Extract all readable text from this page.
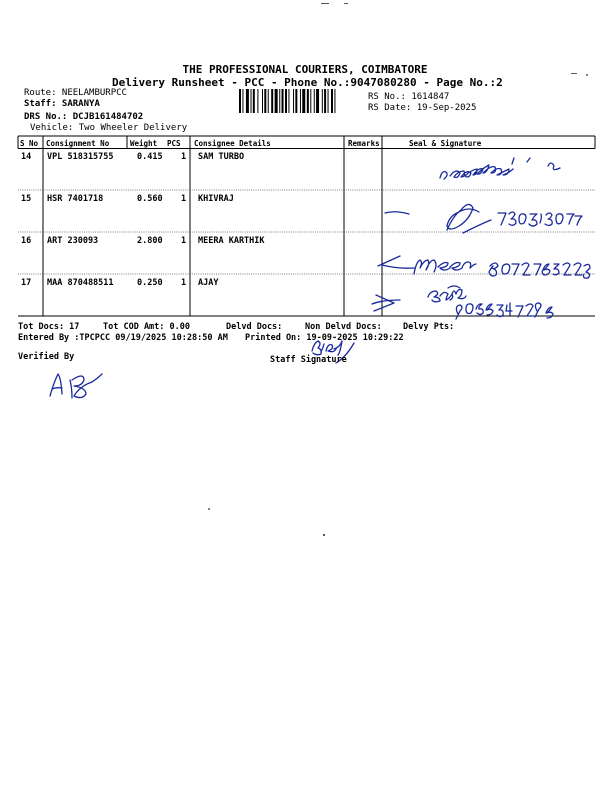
THE PROFESSIONAL COURIERS, COIMBATORE
Delivery Runsheet - PCC - Phone No.:9047080280 - Page No.:2
Route: NEELAMBURPCC
Staff: SARANYA
DRS No.: DCJB161484702
Vehicle: Two Wheeler Delivery
RS No.: 1614847
RS Date: 19-Sep-2025
S No Consignment No	Weight PCS Consignee Details	Remarks	Seal & Signature
14 VPL 518315755	0.415 1 SAM TURBO
15 HSR 7401718	0.560 1 KHIVRAJ
16 ART 230093	2.800 1 MEERA KARTHIK
17 MAA 870488511	0.250 1 AJAY
Tot Docs: 17	Tot COD Amt: 0.00	Delvd Docs:	Non Delvd Docs: Delvy Pts:
Entered By :TPCPCC 09/19/2025 10:28:50 AM Printed On: 19-09-2025 10:29:22
Verified By	Staff Signature
